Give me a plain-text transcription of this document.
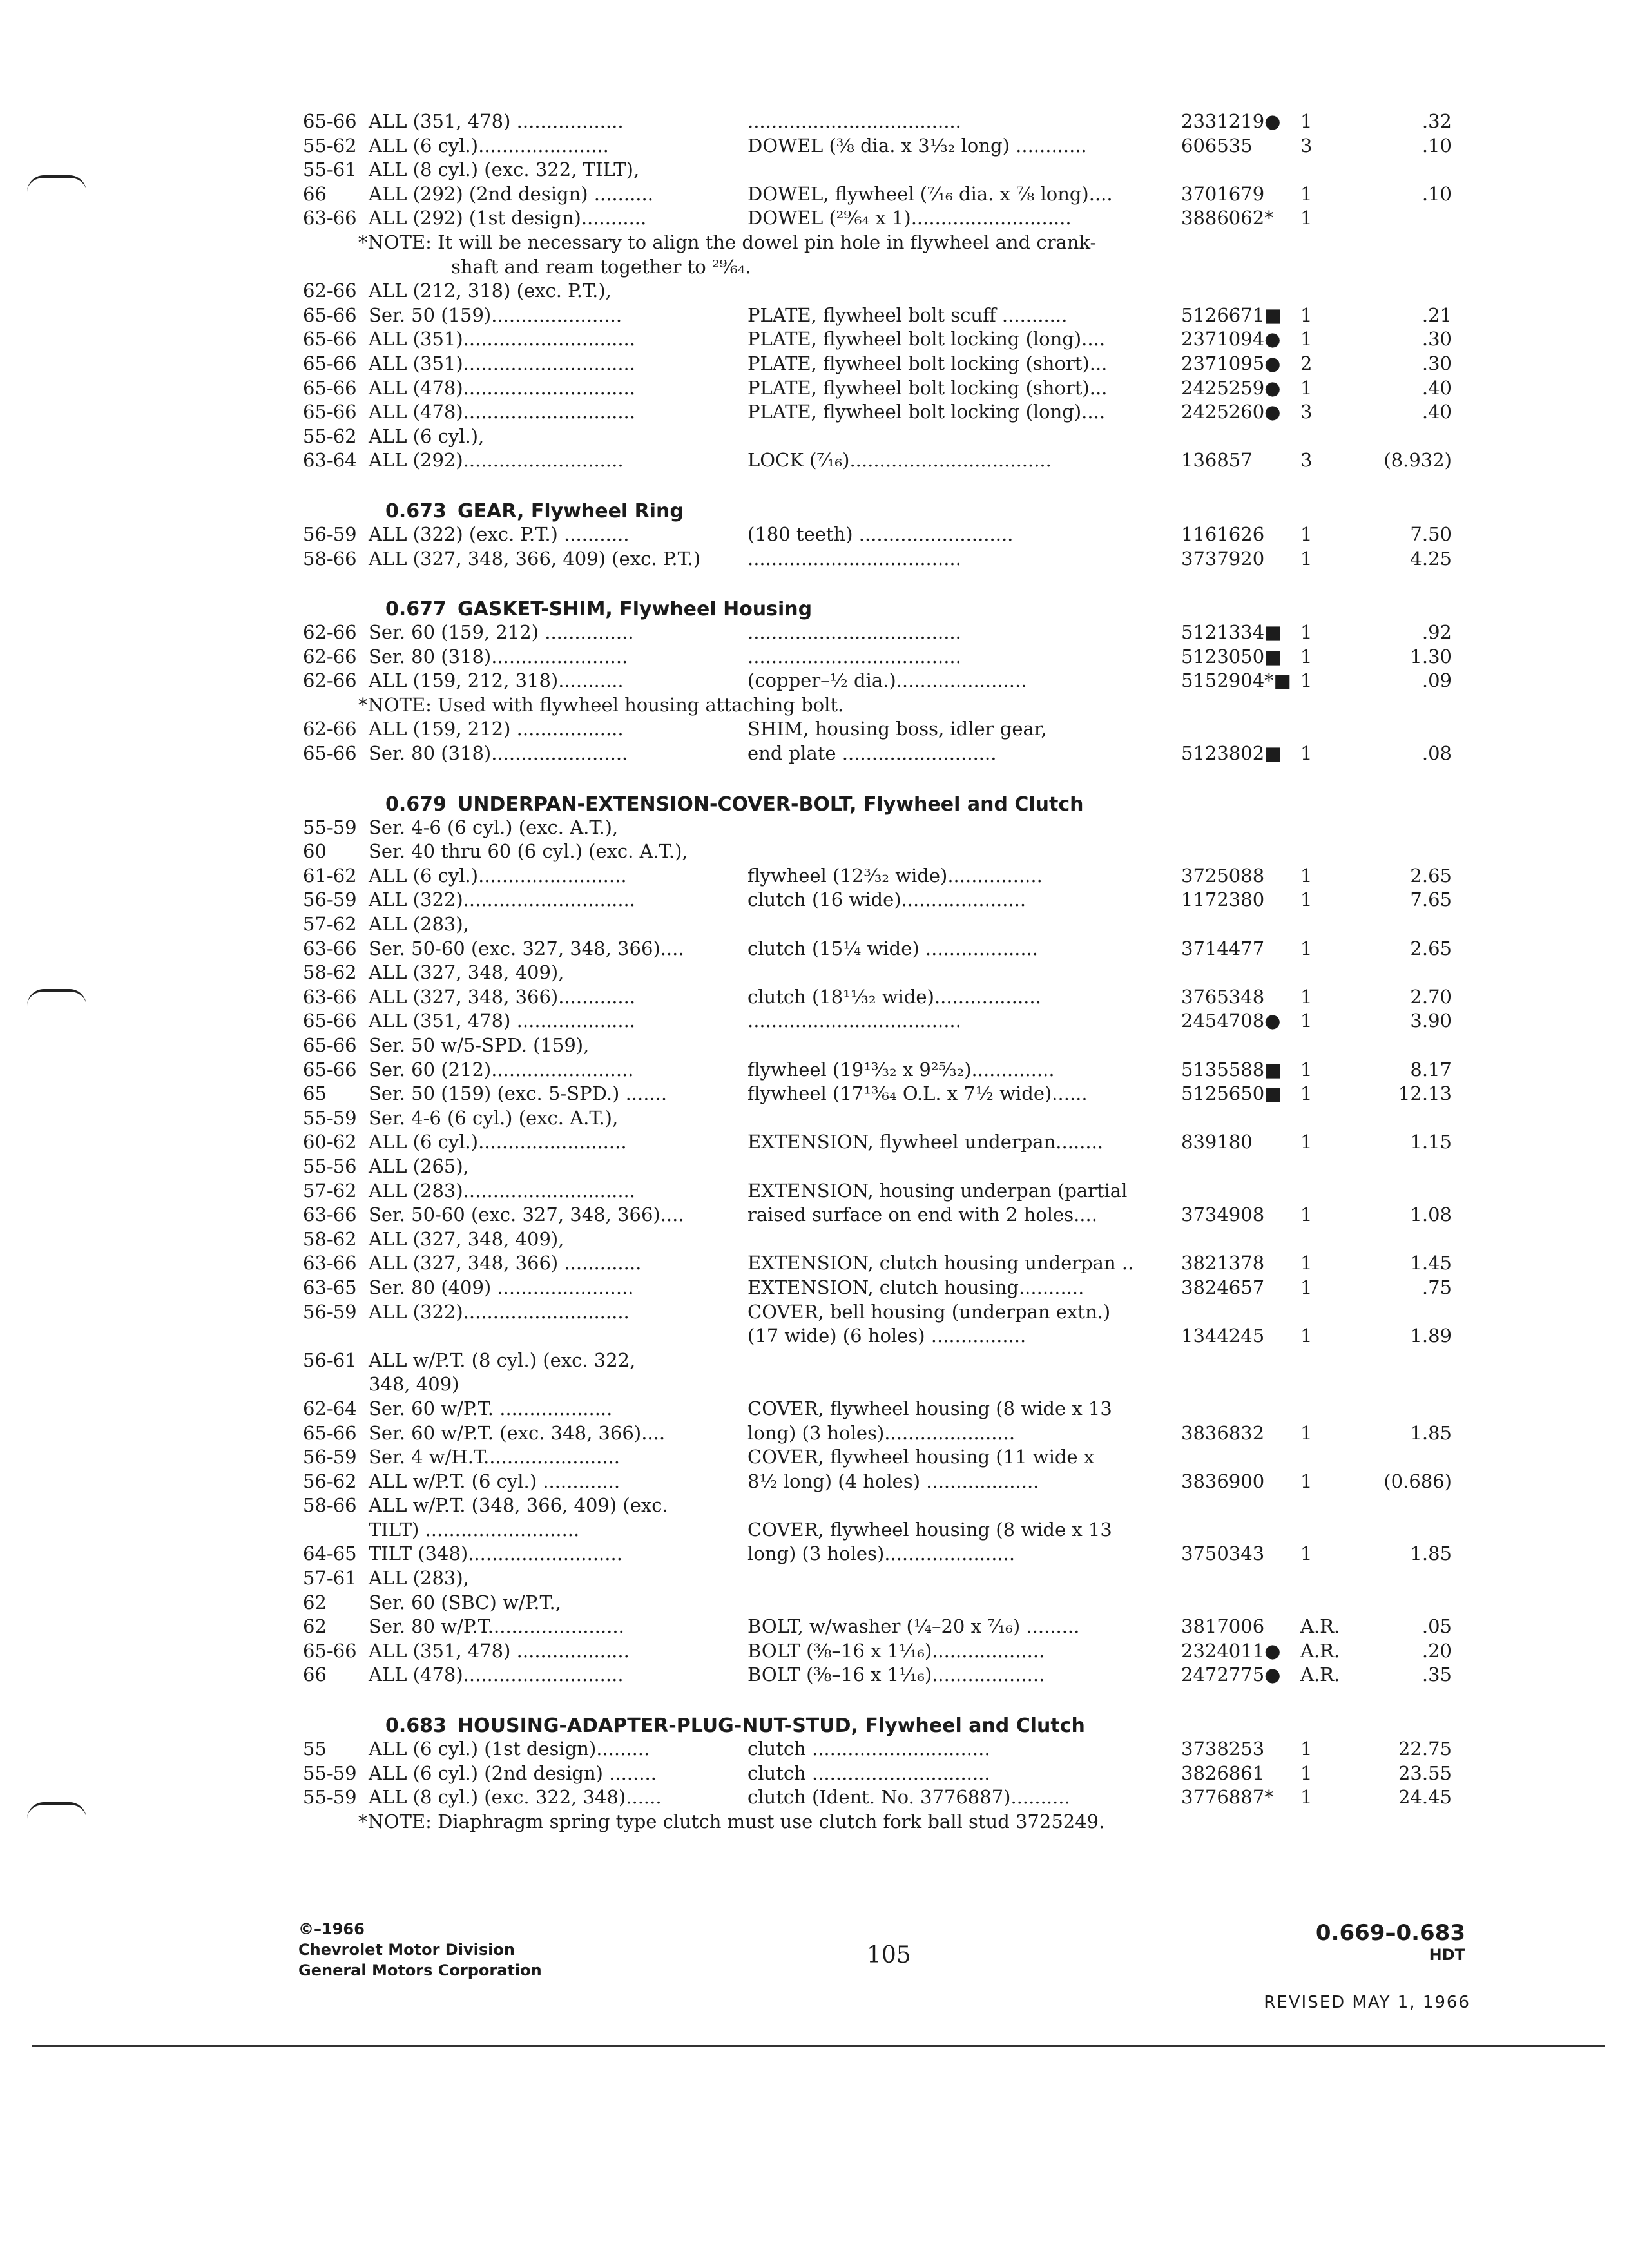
65-66 ALL (351, 478) ..................	....................................	2331219● 1	.32
55-62 ALL (6 cyl.)......................	DOWEL (⅜ dia. x 3¹⁄₃₂ long) ............	606535	3	.10
55-61 ALL (8 cyl.) (exc. 322, TILT),
66 ALL (292) (2nd design) ..........	DOWEL, flywheel (⁷⁄₁₆ dia. x ⅞ long)....	3701679 1	.10
63-66 ALL (292) (1st design)...........	DOWEL (²⁹⁄₆₄ x 1)...........................	3886062* 1
*NOTE: It will be necessary to align the dowel pin hole in flywheel and crank-
shaft and ream together to ²⁹⁄₆₄.
62-66 ALL (212, 318) (exc. P.T.),
65-66 Ser. 50 (159)......................	PLATE, flywheel bolt scuff ...........	5126671■ 1	.21
65-66 ALL (351).............................	PLATE, flywheel bolt locking (long)....	2371094● 1	.30
65-66 ALL (351).............................	PLATE, flywheel bolt locking (short)...	2371095● 2	.30
65-66 ALL (478).............................	PLATE, flywheel bolt locking (short)...	2425259● 1	.40
65-66 ALL (478).............................	PLATE, flywheel bolt locking (long)....	2425260● 3	.40
55-62 ALL (6 cyl.),
63-64 ALL (292)...........................	LOCK (⁷⁄₁₆)..................................	136857	3	(8.932)
0.673 GEAR, Flywheel Ring
56-59 ALL (322) (exc. P.T.) ...........	(180 teeth) ..........................	1161626 1	7.50
58-66 ALL (327, 348, 366, 409) (exc. P.T.)	....................................	3737920 1	4.25
0.677 GASKET-SHIM, Flywheel Housing
62-66 Ser. 60 (159, 212) ...............	....................................	5121334■ 1	.92
62-66 Ser. 80 (318).......................	....................................	5123050■ 1	1.30
62-66 ALL (159, 212, 318)...........	(copper–½ dia.)......................	5152904*■ 1	.09
*NOTE: Used with flywheel housing attaching bolt.
62-66 ALL (159, 212) ..................	SHIM, housing boss, idler gear,
65-66 Ser. 80 (318).......................	end plate ..........................	5123802■ 1	.08
0.679 UNDERPAN-EXTENSION-COVER-BOLT, Flywheel and Clutch
55-59 Ser. 4-6 (6 cyl.) (exc. A.T.),
60 Ser. 40 thru 60 (6 cyl.) (exc. A.T.),
61-62 ALL (6 cyl.).........................	flywheel (12³⁄₃₂ wide)................	3725088 1	2.65
56-59 ALL (322).............................	clutch (16 wide).....................	1172380 1	7.65
57-62 ALL (283),
63-66 Ser. 50-60 (exc. 327, 348, 366)....	clutch (15¼ wide) ...................	3714477 1	2.65
58-62 ALL (327, 348, 409),
63-66 ALL (327, 348, 366).............	clutch (18¹¹⁄₃₂ wide)..................	3765348 1	2.70
65-66 ALL (351, 478) ....................	....................................	2454708● 1	3.90
65-66 Ser. 50 w/5-SPD. (159),
65-66 Ser. 60 (212)........................	flywheel (19¹³⁄₃₂ x 9²⁵⁄₃₂)..............	5135588■ 1	8.17
65 Ser. 50 (159) (exc. 5-SPD.) .......	flywheel (17¹³⁄₆₄ O.L. x 7½ wide)......	5125650■ 1	12.13
55-59 Ser. 4-6 (6 cyl.) (exc. A.T.),
60-62 ALL (6 cyl.).........................	EXTENSION, flywheel underpan........	839180	1	1.15
55-56 ALL (265),
57-62 ALL (283).............................	EXTENSION, housing underpan (partial
63-66 Ser. 50-60 (exc. 327, 348, 366)....	raised surface on end with 2 holes....	3734908 1	1.08
58-62 ALL (327, 348, 409),
63-66 ALL (327, 348, 366) .............	EXTENSION, clutch housing underpan ..	3821378 1	1.45
63-65 Ser. 80 (409) .......................	EXTENSION, clutch housing...........	3824657 1	.75
56-59 ALL (322)............................	COVER, bell housing (underpan extn.)
(17 wide) (6 holes) ................	1344245 1	1.89
56-61 ALL w/P.T. (8 cyl.) (exc. 322,
348, 409)
62-64 Ser. 60 w/P.T. ...................	COVER, flywheel housing (8 wide x 13
65-66 Ser. 60 w/P.T. (exc. 348, 366)....	long) (3 holes)......................	3836832 1	1.85
56-59 Ser. 4 w/H.T.......................	COVER, flywheel housing (11 wide x
56-62 ALL w/P.T. (6 cyl.) .............	8½ long) (4 holes) ...................	3836900 1	(0.686)
58-66 ALL w/P.T. (348, 366, 409) (exc.
TILT) ..........................	COVER, flywheel housing (8 wide x 13
64-65 TILT (348)..........................	long) (3 holes)......................	3750343 1	1.85
57-61 ALL (283),
62 Ser. 60 (SBC) w/P.T.,
62 Ser. 80 w/P.T.......................	BOLT, w/washer (¼–20 x ⁷⁄₁₆) .........	3817006 A.R.	.05
65-66 ALL (351, 478) ...................	BOLT (⅜–16 x 1¹⁄₁₆)...................	2324011● A.R.	.20
66 ALL (478)...........................	BOLT (⅜–16 x 1¹⁄₁₆)...................	2472775● A.R.	.35
0.683 HOUSING-ADAPTER-PLUG-NUT-STUD, Flywheel and Clutch
55 ALL (6 cyl.) (1st design).........	clutch ..............................	3738253 1	22.75
55-59 ALL (6 cyl.) (2nd design) ........	clutch ..............................	3826861 1	23.55
55-59 ALL (8 cyl.) (exc. 322, 348)......	clutch (Ident. No. 3776887)..........	3776887* 1	24.45
*NOTE: Diaphragm spring type clutch must use clutch fork ball stud 3725249.
©–1966
Chevrolet Motor Division
General Motors Corporation
105
0.669–0.683
HDT
REVISED MAY 1, 1966
